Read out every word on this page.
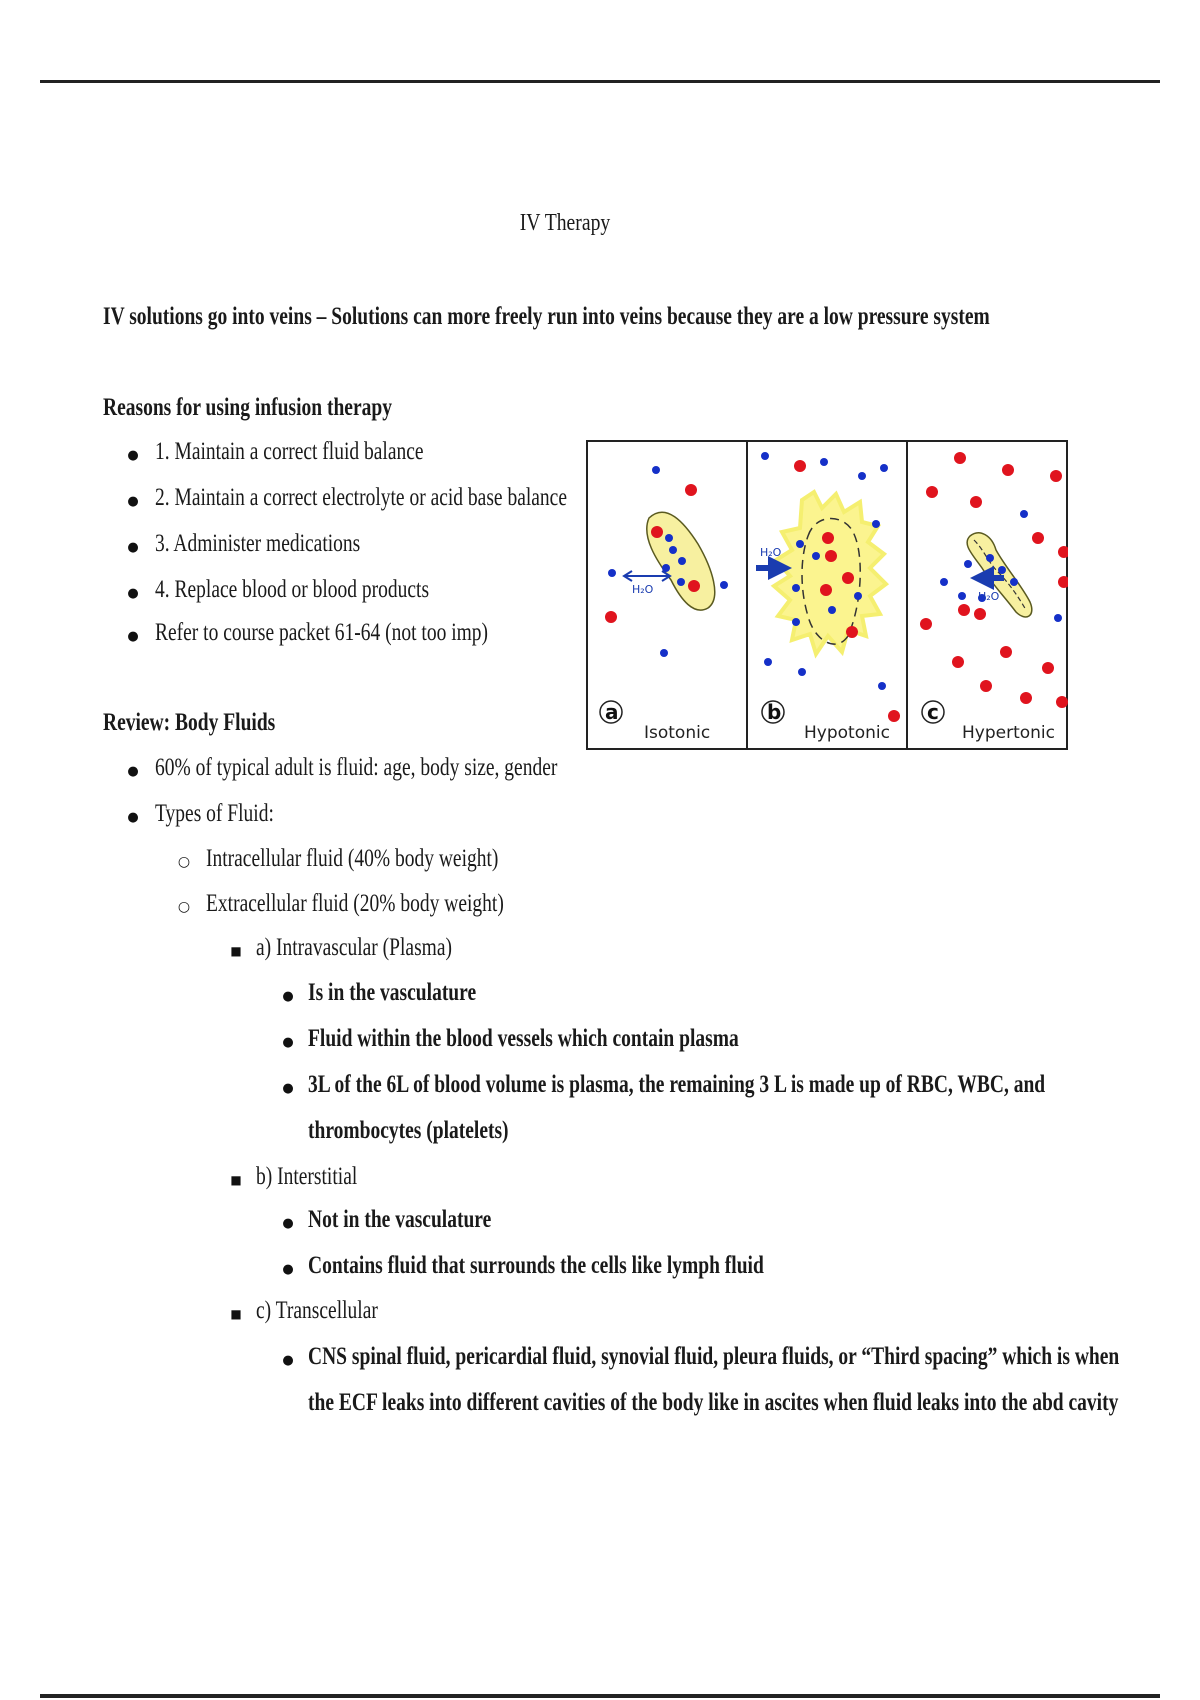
IV Therapy
IV solutions go into veins – Solutions can more freely run into veins because they are a low pressure system
Reasons for using infusion therapy
●
1. Maintain a correct fluid balance
●
2. Maintain a correct electrolyte or acid base balance
●
3. Administer medications
●
4. Replace blood or blood products
●
Refer to course packet 61-64 (not too imp)
Review: Body Fluids
●
60% of typical adult is fluid: age, body size, gender
●
Types of Fluid:
○
Intracellular fluid (40% body weight)
○
Extracellular fluid (20% body weight)
■
a) Intravascular (Plasma)
●
Is in the vasculature
●
Fluid within the blood vessels which contain plasma
●
3L of the 6L of blood volume is plasma, the remaining 3 L is made up of RBC, WBC, and
thrombocytes (platelets)
■
b) Interstitial
●
Not in the vasculature
●
Contains fluid that surrounds the cells like lymph fluid
■
c) Transcellular
●
CNS spinal fluid, pericardial fluid, synovial fluid, pleura fluids, or “Third spacing” which is when
the ECF leaks into different cavities of the body like in ascites when fluid leaks into the abd cavity
H₂O
a
Isotonic
H₂O
b
Hypotonic
H₂O
c
Hypertonic
